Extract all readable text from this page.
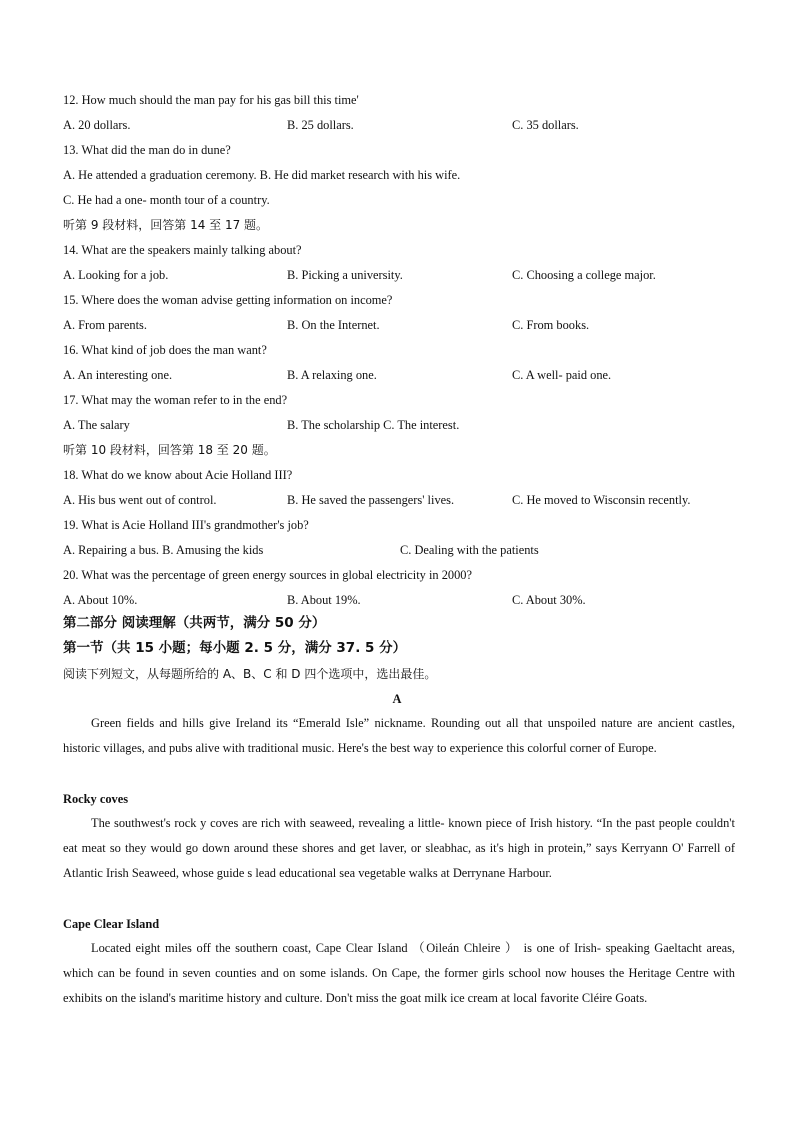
12. How much should the man pay for his gas bill this time'
A. 20 dollars.	B. 25 dollars.	C. 35 dollars.
13. What did the man do in dune?
A. He attended a graduation ceremony. B. He did market research with his wife.
C. He had a one- month tour of a country.
听第 9 段材料，回答第 14 至 17 题。
14. What are the speakers mainly talking about?
A. Looking for a job.	B. Picking a university.	C. Choosing a college major.
15. Where does the woman advise getting information on income?
A. From parents.	B. On the Internet.	C. From books.
16. What kind of job does the man want?
A. An interesting one.	B. A relaxing one.	C. A well- paid one.
17. What may the woman refer to in the end?
A. The salary	B. The scholarship C. The interest.
听第 10 段材料，回答第 18 至 20 题。
18. What do we know about Acie Holland III?
A. His bus went out of control.	B. He saved the passengers' lives.	C. He moved to Wisconsin recently.
19. What is Acie Holland III's grandmother's job?
A. Repairing a bus. B. Amusing the kids	C. Dealing with the patients
20. What was the percentage of green energy sources in global electricity in 2000?
A. About 10%.	B. About 19%.	C. About 30%.
第二部分 阅读理解（共两节，满分 50 分）
第一节（共 15 小题；每小题 2. 5 分，满分 37. 5 分）
阅读下列短文，从每题所给的 A、B、C 和 D 四个选项中，选出最佳。
A
Green fields and hills give Ireland its “Emerald Isle” nickname. Rounding out all that unspoiled nature are ancient castles, historic villages, and pubs alive with traditional music. Here's the best way to experience this colorful corner of Europe.
Rocky coves
The southwest's rock y coves are rich with seaweed, revealing a little- known piece of Irish history. “In the past people couldn't eat meat so they would go down around these shores and get laver, or sleabhac, as it's high in protein,” says Kerryann O' Farrell of Atlantic Irish Seaweed, whose guide s lead educational sea vegetable walks at Derrynane Harbour.
Cape Clear Island
Located eight miles off the southern coast, Cape Clear Island （Oileán Chleire ） is one of Irish- speaking Gaeltacht areas, which can be found in seven counties and on some islands. On Cape, the former girls school now houses the Heritage Centre with exhibits on the island's maritime history and culture. Don't miss the goat milk ice cream at local favorite Cléire Goats.
